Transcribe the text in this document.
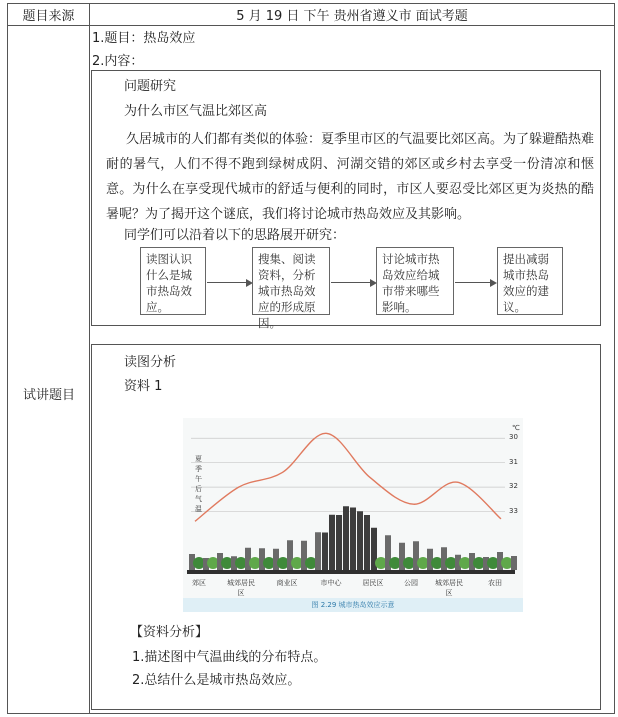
题目来源	5 月 19 日 下午 贵州省遵义市 面试考题
试讲题目
1.题目：热岛效应
2.内容：
问题研究
为什么市区气温比郊区高
久居城市的人们都有类似的体验：夏季里市区的气温要比郊区高。为了躲避酷热难耐的暑气，人们不得不跑到绿树成阴、河湖交错的郊区或乡村去享受一份清凉和惬意。为什么在享受现代城市的舒适与便利的同时，市区人要忍受比郊区更为炎热的酷暑呢？为了揭开这个谜底，我们将讨论城市热岛效应及其影响。
同学们可以沿着以下的思路展开研究：
读图认识什么是城市热岛效应。
搜集、阅读资料，分析城市热岛效应的形成原因。
讨论城市热岛效应给城市带来哪些影响。
提出减弱城市热岛效应的建议。
读图分析
资料 1
【资料分析】
1.描述图中气温曲线的分布特点。
2.总结什么是城市热岛效应。
夏季午后气温
℃
33
32
31
30
郊区	城郊居民区
商业区	市中心	居民区	公园	城郊居民区
农田
图 2.29 城市热岛效应示意
